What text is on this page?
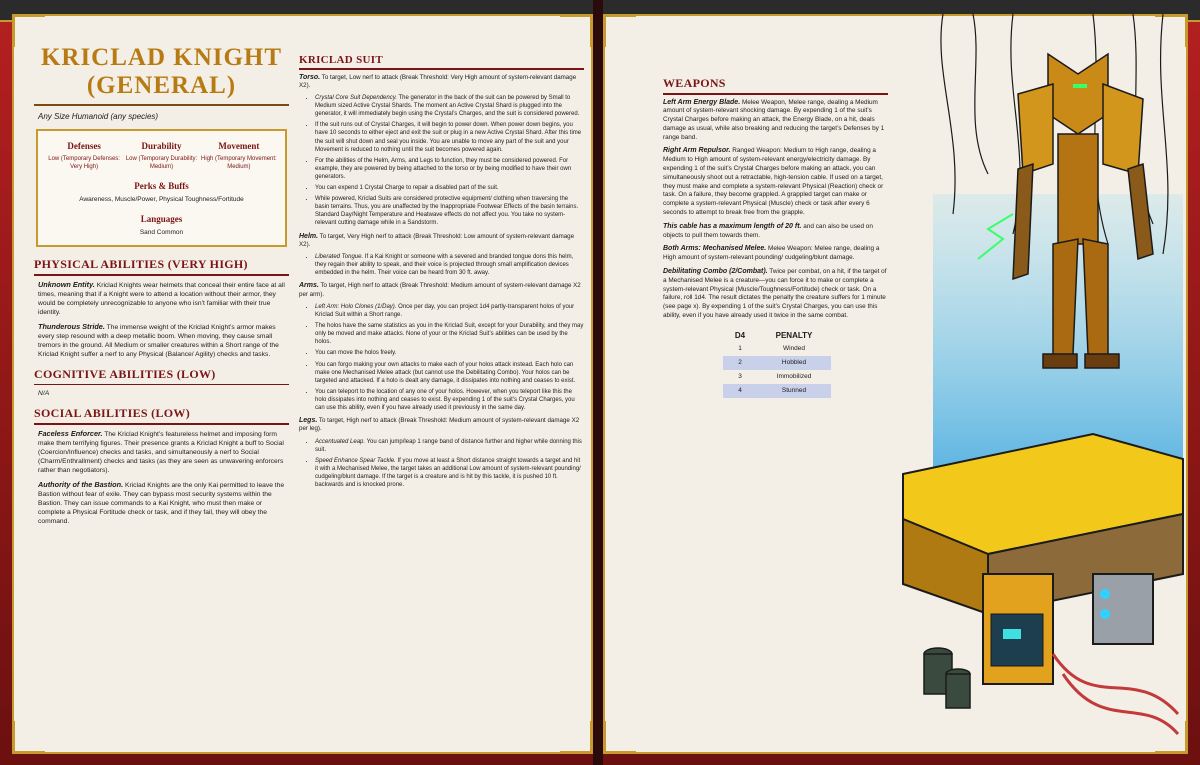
KRICLAD KNIGHT (GENERAL)
Any Size Humanoid (any species)
Defenses

Low (Temporary Defenses: Very High)

Durability

Low (Temporary Durability: Medium)

Movement

High (Temporary Movement: Medium)

Perks & Buffs
Awareness, Muscle/Power, Physical Toughness/Fortitude
Languages
Sand Common
PHYSICAL ABILITIES (VERY HIGH)

Unknown Entity. Kriclad Knights wear helmets that conceal their entire face at all times, meaning that if a Knight were to attend a location without their armor, they would be completely unrecognizable to anyone who isn’t familiar with their true identity.

Thunderous Stride. The immense weight of the Kriclad Knight’s armor makes every step resound with a deep metallic boom. When moving, they cause small tremors in the ground. All Medium or smaller creatures within a Short range of the Kriclad Knight suffer a nerf to any Physical (Balance/ Agility) checks and tasks.

COGNITIVE ABILITIES (LOW)

N/A

SOCIAL ABILITIES (LOW)

Faceless Enforcer. The Kriclad Knight’s featureless helmet and imposing form make them terrifying figures. Their presence grants a Kriclad Knight a buff to Social (Coercion/Influence) checks and tasks, and simultaneously a nerf to Social (Charm/Enthrallment) checks and tasks (as they are seen as unwavering enforcers rather than negotiators).

Authority of the Bastion. Kriclad Knights are the only Kai permitted to leave the Bastion without fear of exile. They can bypass most security systems within the Bastion. They can issue commands to a Kai Knight, who must then make or complete a Physical Fortitude check or task, and if they fail, they will obey the command.

KRICLAD SUIT

Torso. To target, Low nerf to attack (Break Threshold: Very High amount of system-relevant damage X2).

• Crystal Core Suit Dependency. The generator in the back of the suit can be powered by Small to Medium sized Active Crystal Shards. The moment an Active Crystal Shard is plugged into the generator, it will immediately begin using the Crystal’s Charges, and the suit is considered powered.
• If the suit runs out of Crystal Charges, it will begin to power down. When power down begins, you have 10 seconds to either eject and exit the suit or plug in a new Active Crystal Shard. After this time the suit will shut down and seal you inside. You are unable to move any part of the suit and your Movement is reduced to nothing until the suit becomes powered again.
• For the abilities of the Helm, Arms, and Legs to function, they must be considered powered. For example, they are powered by being attached to the torso or by being modified to have their own generators.
• You can expend 1 Crystal Charge to repair a disabled part of the suit.
• While powered, Kriclad Suits are considered protective equipment/ clothing when traversing the basin terrains. Thus, you are unaffected by the Inappropriate Footwear Effects of the basin terrains. Standard Day/Night Temperature and Heatwave effects do not affect you. You take no system-relevant cutting damage while in a Sandstorm.

Helm. To target, Very High nerf to attack (Break Threshold: Low amount of system-relevant damage X2).

• Liberated Tongue. If a Kai Knight or someone with a severed and branded tongue dons this helm, they regain their ability to speak, and their voice is projected through small amplification devices embedded in the helm. Their voice can be heard from 30 ft. away.

Arms. To target, High nerf to attack (Break Threshold: Medium amount of system-relevant damage X2 per arm).

• Left Arm: Holo Clones (1/Day). Once per day, you can project 1d4 partly-transparent holos of your Kriclad Suit within a Short range.
• The holos have the same statistics as you in the Kriclad Suit, except for your Durability, and they may only be moved and make attacks. None of your or the Kriclad Suit’s abilities can be used by the holos.
• You can move the holos freely.
• You can forgo making your own attacks to make each of your holos attack instead. Each holo can make one Mechanised Melee attack (but cannot use the Debilitating Combo). Your holos can be targeted and attacked. If a holo is dealt any damage, it dissipates into nothing and ceases to exist.
• You can teleport to the location of any one of your holos. However, when you teleport like this the holo dissipates into nothing and ceases to exist. By expending 1 of the suit’s Crystal Charges, you can use this ability, even if you have already used it previously in the same day.

Legs. To target, High nerf to attack (Break Threshold: Medium amount of system-relevant damage X2 per leg).

• Accentuated Leap. You can jump/leap 1 range band of distance further and higher while donning this suit.
• Speed Enhance Spear Tackle. If you move at least a Short distance straight towards a target and hit it with a Mechanised Melee, the target takes an additional Low amount of system-relevant pounding/ cudgeling/blunt damage. If the target is a creature and is hit by this tackle, it is pushed 10 ft. backwards and is knocked prone.
WEAPONS

Left Arm Energy Blade. Melee Weapon, Melee range, dealing a Medium amount of system-relevant shocking damage. By expending 1 of the suit’s Crystal Charges before making an attack, the Energy Blade, on a hit, deals damage as usual, while also breaking and reducing the target’s Defenses by 1 range band.

Right Arm Repulsor. Ranged Weapon: Medium to High range, dealing a Medium to High amount of system-relevant energy/electricity damage. By expending 1 of the suit’s Crystal Charges before making an attack, you can simultaneously shoot out a retractable, high-tension cable. If used on a target, they must make and complete a system-relevant Physical (Reaction) check or task. On a failure, they become grappled. A grappled target can make or complete a system-relevant Physical (Muscle) check or task after every 6 seconds to attempt to break free from the grapple.

This cable has a maximum length of 20 ft. and can also be used on objects to pull them towards them.

Both Arms: Mechanised Melee. Melee Weapon: Melee range, dealing a High amount of system-relevant pounding/ cudgeling/blunt damage.

Debilitating Combo (2/Combat). Twice per combat, on a hit, if the target of a Mechanised Melee is a creature—you can force it to make or complete a system-relevant Physical (Muscle/Toughness/Fortitude) check or task. On a failure, roll 1d4. The result dictates the penalty the creature suffers for 1 minute (see page x). By expending 1 of the suit’s Crystal Charges, you can use this ability, even if you have already used it twice in the same combat.

D4	PENALTY
1	Winded
2	Hobbled
3	Immobilized
4	Stunned
